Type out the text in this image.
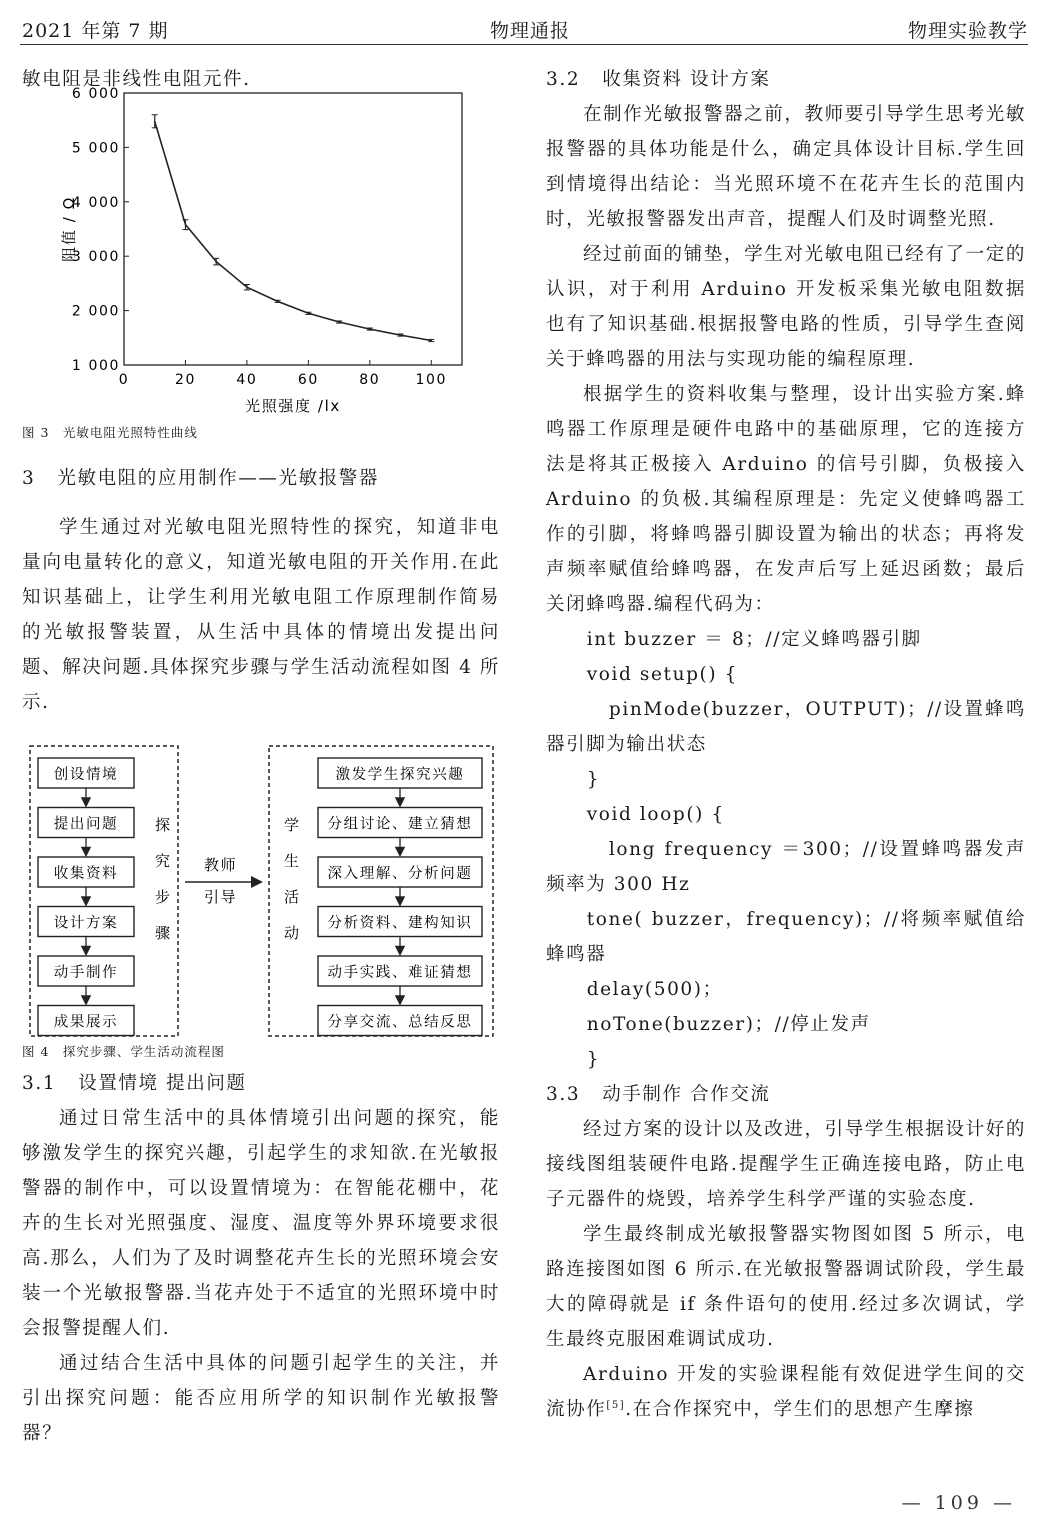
2021 年第 7 期	物理通报	物理实验教学

敏电阻是非线性电阻元件.

0	20	40	60	80	100
1 000
2 000
3 000
4 000
5 000
6 000
光照强度 /lx
阻值 / Ω

图 3　光敏电阻光照特性曲线

3 光敏电阻的应用制作——光敏报警器

学生通过对光敏电阻光照特性的探究，知道非电量向电量转化的意义，知道光敏电阻的开关作用.在此知识基础上，让学生利用光敏电阻工作原理制作简易的光敏报警装置，从生活中具体的情境出发提出问题、解决问题.具体探究步骤与学生活动流程如图 4 所示.

创设情境
提出问题
收集资料
设计方案
动手制作
成果展示
激发学生探究兴趣
分组讨论、建立猜想
深入理解、分析问题
分析资料、建构知识
动手实践、难证猜想
分享交流、总结反思
探
究
步
骤
教师
引导
学
生
活
动

图 4　探究步骤、学生活动流程图

3.1 设置情境 提出问题

通过日常生活中的具体情境引出问题的探究，能够激发学生的探究兴趣，引起学生的求知欲.在光敏报警器的制作中，可以设置情境为：在智能花棚中，花卉的生长对光照强度、湿度、温度等外界环境要求很高.那么，人们为了及时调整花卉生长的光照环境会安装一个光敏报警器.当花卉处于不适宜的光照环境中时会报警提醒人们.

通过结合生活中具体的问题引起学生的关注，并引出探究问题：能否应用所学的知识制作光敏报警器？

3.2 收集资料 设计方案

在制作光敏报警器之前，教师要引导学生思考光敏报警器的具体功能是什么，确定具体设计目标.学生回到情境得出结论：当光照环境不在花卉生长的范围内时，光敏报警器发出声音，提醒人们及时调整光照.

经过前面的铺垫，学生对光敏电阻已经有了一定的认识，对于利用 Arduino 开发板采集光敏电阻数据也有了知识基础.根据报警电路的性质，引导学生查阅关于蜂鸣器的用法与实现功能的编程原理.

根据学生的资料收集与整理，设计出实验方案.蜂鸣器工作原理是硬件电路中的基础原理，它的连接方法是将其正极接入 Arduino 的信号引脚，负极接入 Arduino 的负极.其编程原理是：先定义使蜂鸣器工作的引脚，将蜂鸣器引脚设置为输出的状态；再将发声频率赋值给蜂鸣器，在发声后写上延迟函数；最后关闭蜂鸣器.编程代码为：

int buzzer ＝ 8；//定义蜂鸣器引脚

void setup() {

pinMode(buzzer，OUTPUT)；//设置蜂鸣器引脚为输出状态

}

void loop() {

long frequency ＝300；//设置蜂鸣器发声频率为 300 Hz

tone( buzzer，frequency)；//将频率赋值给蜂鸣器

delay(500)；

noTone(buzzer)；//停止发声

}

3.3 动手制作 合作交流

经过方案的设计以及改进，引导学生根据设计好的接线图组装硬件电路.提醒学生正确连接电路，防止电子元器件的烧毁，培养学生科学严谨的实验态度.

学生最终制成光敏报警器实物图如图 5 所示，电路连接图如图 6 所示.在光敏报警器调试阶段，学生最大的障碍就是 if 条件语句的使用.经过多次调试，学生最终克服困难调试成功.

Arduino 开发的实验课程能有效促进学生间的交流协作[5].在合作探究中，学生们的思想产生摩擦

— 109 —
